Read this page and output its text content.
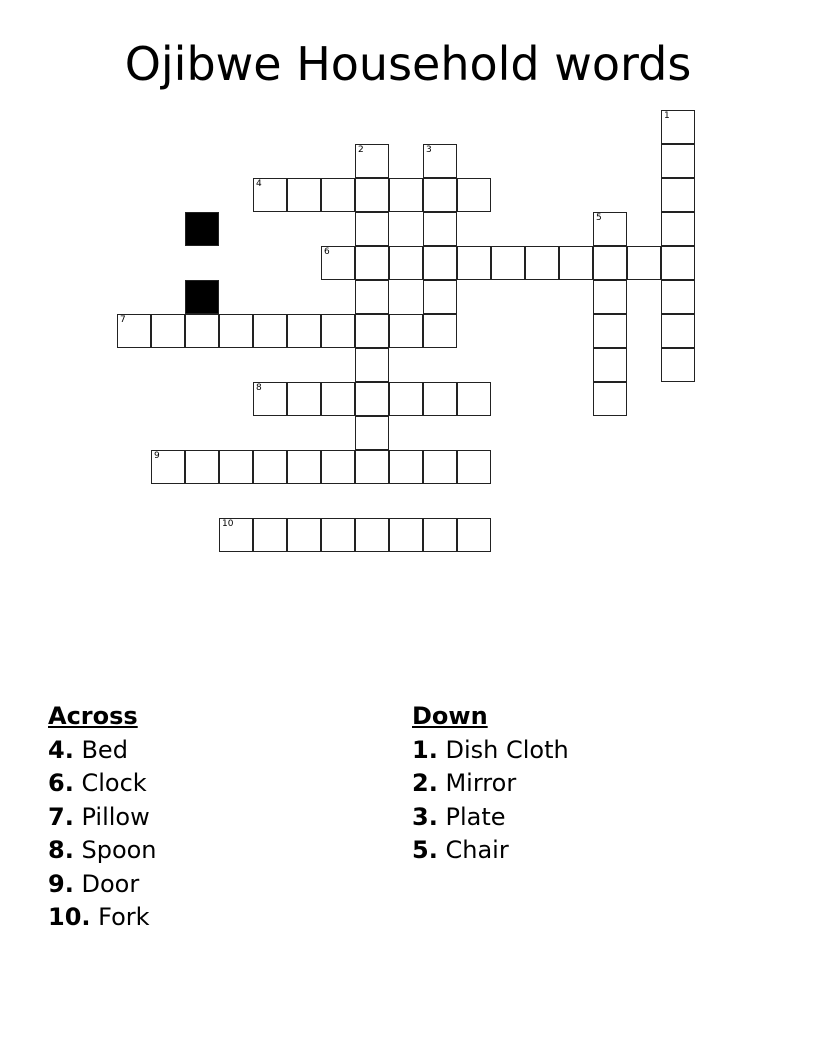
Ojibwe Household words
1
2	3
4
5
6
7
8
9
10
Across
4. Bed
6. Clock
7. Pillow
8. Spoon
9. Door
10. Fork
Down
1. Dish Cloth
2. Mirror
3. Plate
5. Chair
